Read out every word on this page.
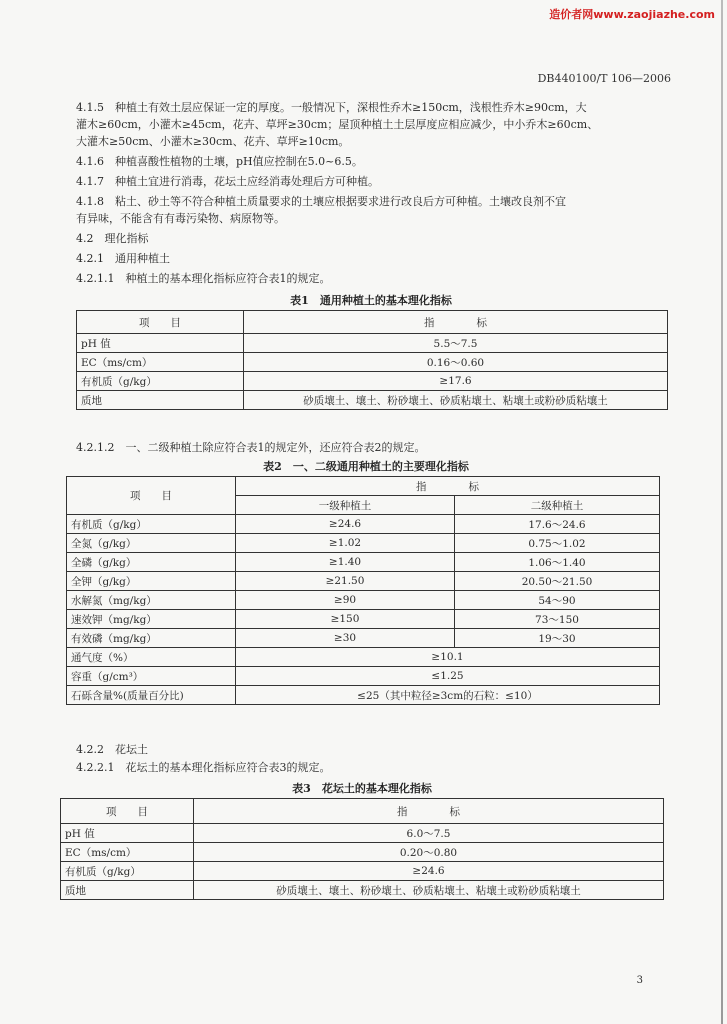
造价者网www.zaojiazhe.com
DB440100/T 106—2006

4.1.5　种植土有效土层应保证一定的厚度。一般情况下，深根性乔木≥150cm，浅根性乔木≥90cm，大

灌木≥60cm，小灌木≥45cm，花卉、草坪≥30cm；屋顶种植土土层厚度应相应减少，中小乔木≥60cm、

大灌木≥50cm、小灌木≥30cm、花卉、草坪≥10cm。

4.1.6　种植喜酸性植物的土壤，pH值应控制在5.0~6.5。

4.1.7　种植土宜进行消毒，花坛土应经消毒处理后方可种植。

4.1.8　粘土、砂土等不符合种植土质量要求的土壤应根据要求进行改良后方可种植。土壤改良剂不宜

有异味，不能含有有毒污染物、病原物等。

4.2　理化指标

4.2.1　通用种植土

4.2.1.1　种植土的基本理化指标应符合表1的规定。

表1　通用种植土的基本理化指标
项　　目	指　　　　标
pH 值	5.5～7.5
EC（ms/cm）	0.16～0.60
有机质（g/kg）	≥17.6
质地	砂质壤土、壤土、粉砂壤土、砂质粘壤土、粘壤土或粉砂质粘壤土

4.2.1.2　一、二级种植土除应符合表1的规定外，还应符合表2的规定。

表2　一、二级通用种植土的主要理化指标
项　　目	指　　　　标	
	一级种植土	二级种植土
有机质（g/kg）	≥24.6	17.6～24.6
全氮（g/kg）	≥1.02	0.75～1.02
全磷（g/kg）	≥1.40	1.06～1.40
全钾（g/kg）	≥21.50	20.50～21.50
水解氮（mg/kg）	≥90	54～90
速效钾（mg/kg）	≥150	73～150
有效磷（mg/kg）	≥30	19～30
通气度（%）	≥10.1	
容重（g/cm³）	≤1.25	
石砾含量%(质量百分比)	≤25（其中粒径≥3cm的石粒：≤10）	

4.2.2　花坛土

4.2.2.1　花坛土的基本理化指标应符合表3的规定。

表3　花坛土的基本理化指标
项　　目	指　　　　标
pH 值	6.0～7.5
EC（ms/cm）	0.20～0.80
有机质（g/kg）	≥24.6
质地	砂质壤土、壤土、粉砂壤土、砂质粘壤土、粘壤土或粉砂质粘壤土
3
